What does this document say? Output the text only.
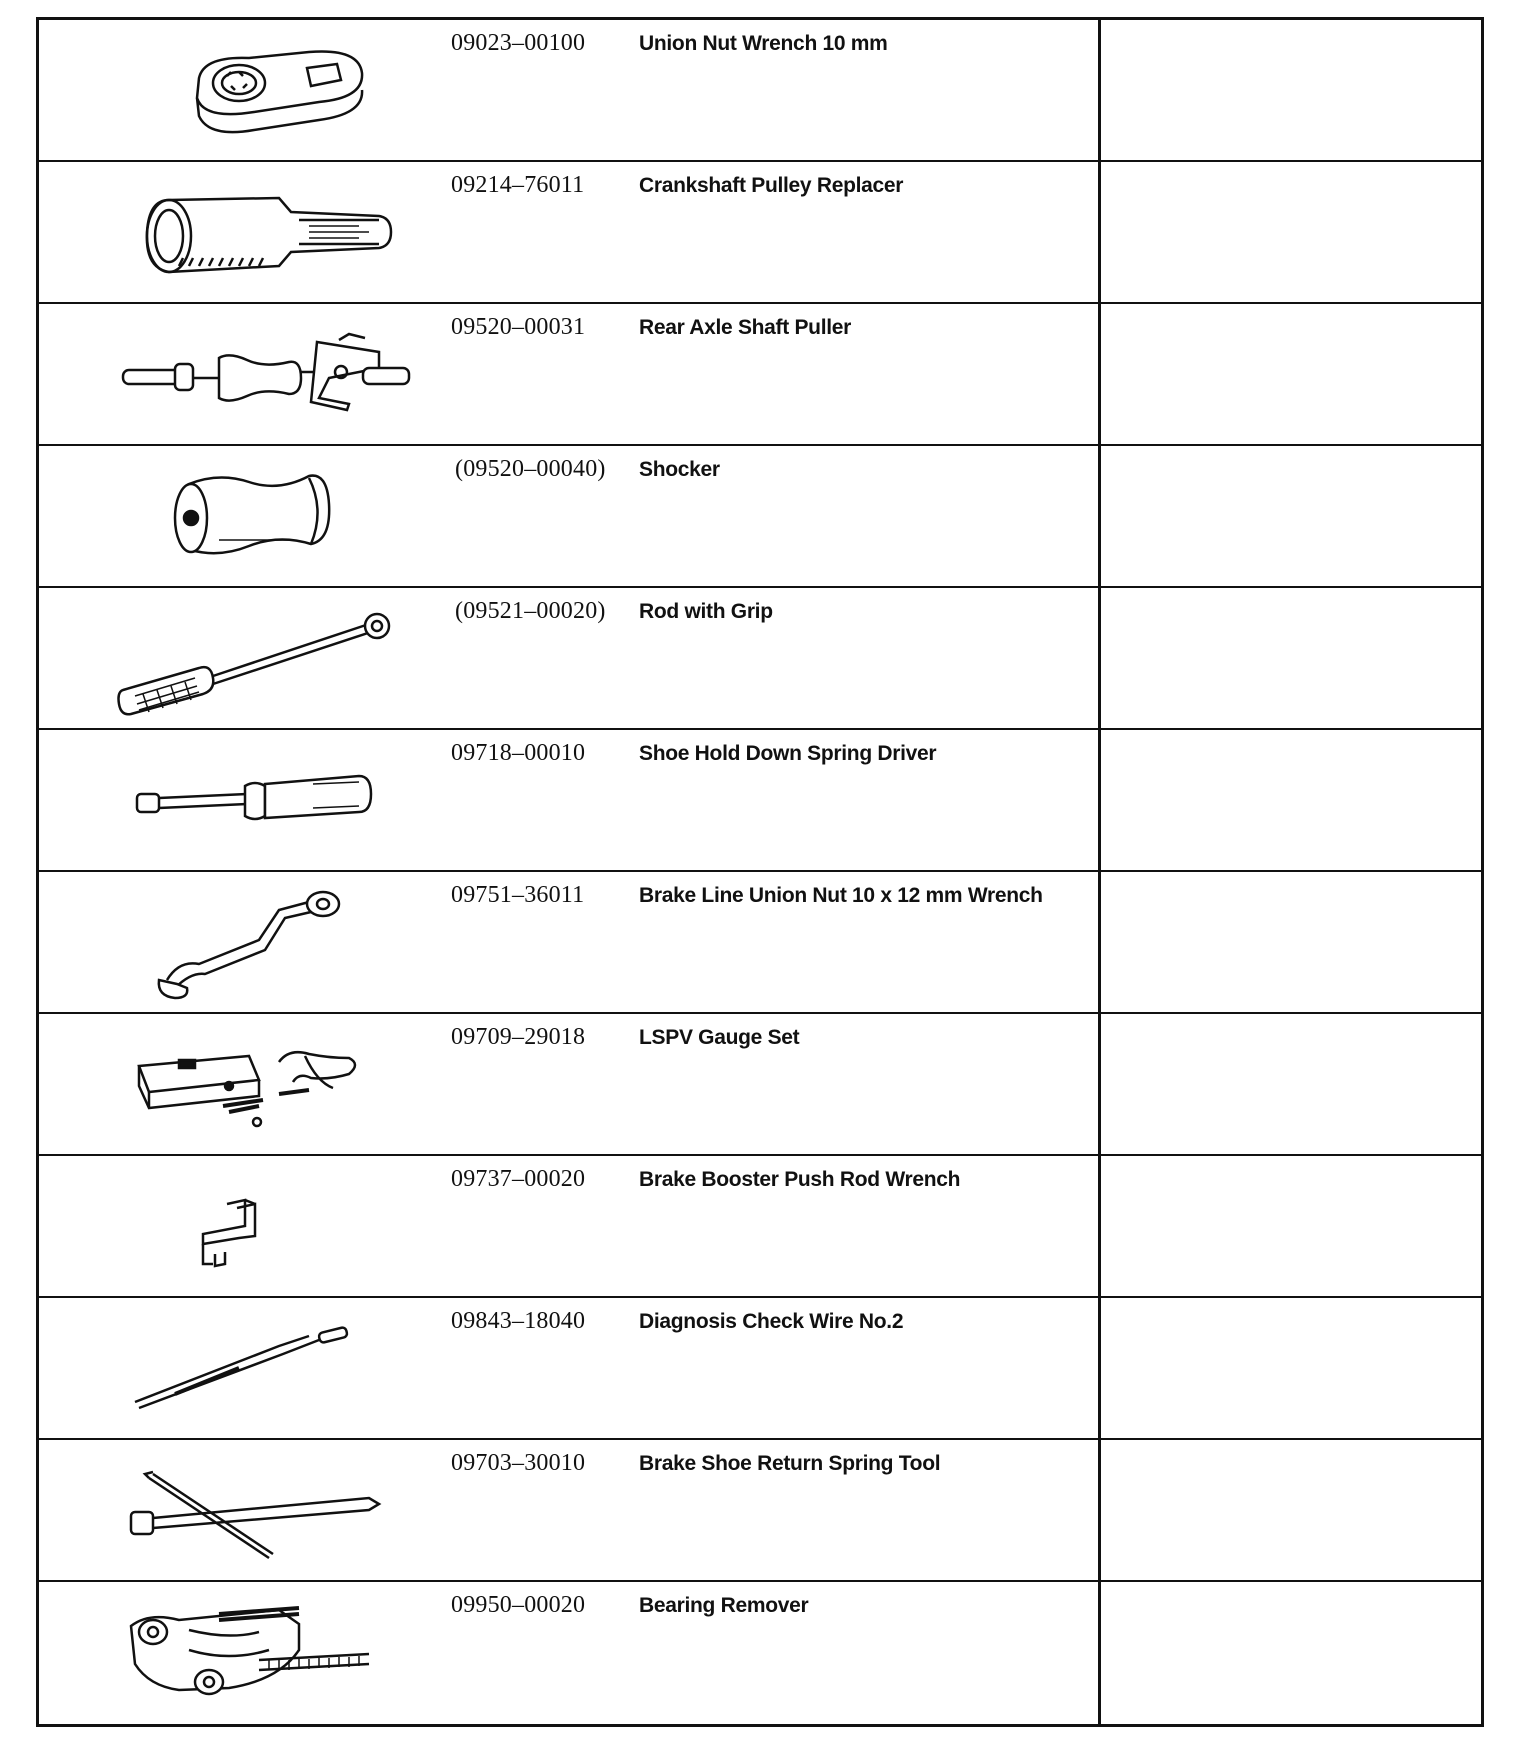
09023–00100	Union Nut Wrench 10 mm
09214–76011	Crankshaft Pulley Replacer
09520–00031	Rear Axle Shaft Puller
(09520–00040)	Shocker
(09521–00020)	Rod with Grip
09718–00010	Shoe Hold Down Spring Driver
09751–36011	Brake Line Union Nut 10 x 12 mm Wrench
09709–29018	LSPV Gauge Set
09737–00020	Brake Booster Push Rod Wrench
09843–18040	Diagnosis Check Wire No.2
09703–30010	Brake Shoe Return Spring Tool
09950–00020	Bearing Remover
